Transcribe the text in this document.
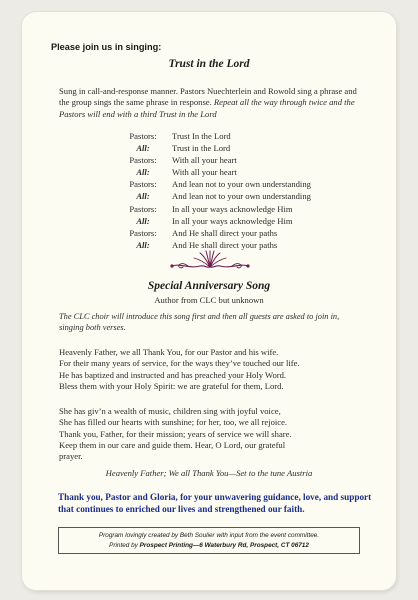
Please join us in singing:
Trust in the Lord
Sung in call-and-response manner. Pastors Nuechterlein and Rowold sing a phrase and the group sings the same phrase in response. Repeat all the way through twice and the Pastors will end with a third Trust in the Lord
Pastors:	Trust In the Lord
All:	Trust in the Lord
Pastors:	With all your heart
All:	With all your heart
Pastors:	And lean not to your own understanding
All:	And lean not to your own understanding
Pastors:	In all your ways acknowledge Him
All:	In all your ways acknowledge Him
Pastors:	And He shall direct your paths
All:	And He shall direct your paths
Special Anniversary Song
Author from CLC but unknown
The CLC choir will introduce this song first and then all guests are asked to join in, singing both verses.
Heavenly Father, we all Thank You, for our Pastor and his wife.
For their many years of service, for the ways they’ve touched our life.
He has baptized and instructed and has preached your Holy Word.
Bless them with your Holy Spirit: we are grateful for them, Lord.
She has giv’n a wealth of music, children sing with joyful voice,
She has filled our hearts with sunshine; for her, too, we all rejoice.
Thank you, Father, for their mission; years of service we will share.
Keep them in our care and guide them. Hear, O Lord, our grateful
prayer.
Heavenly Father; We all Thank You—Set to the tune Austria
Thank you, Pastor and Gloria, for your unwavering guidance, love, and support that continues to enriched our lives and strengthened our faith.
Program lovingly created by Beth Soulier with input from the event committee.
Printed by Prospect Printing—6 Waterbury Rd, Prospect, CT 06712
